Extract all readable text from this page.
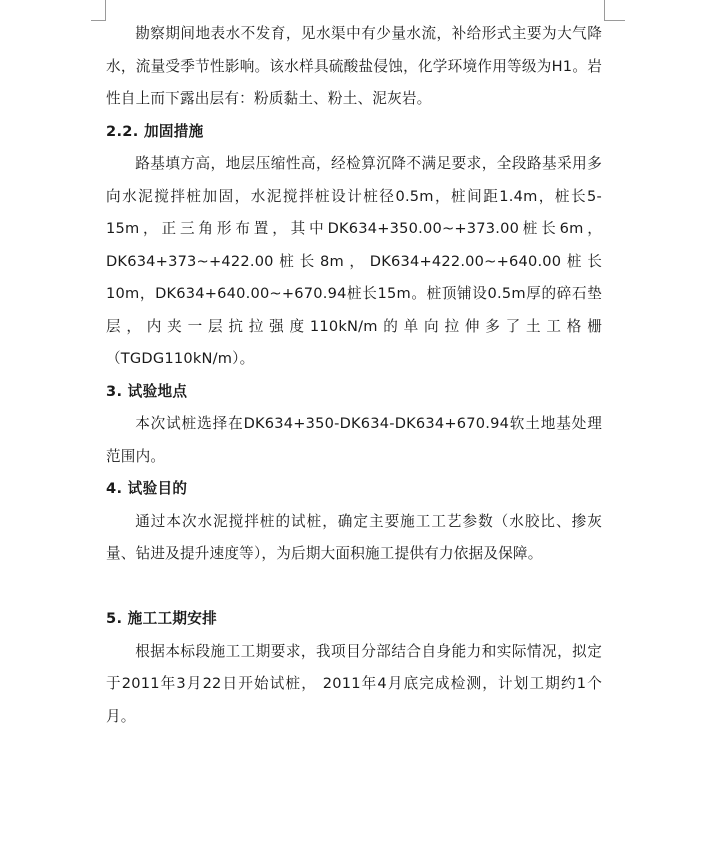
勘察期间地表水不发育，见水渠中有少量水流，补给形式主要为大气降水，流量受季节性影响。该水样具硫酸盐侵蚀，化学环境作用等级为H1。岩性自上而下露出层有：粉质黏土、粉土、泥灰岩。

2.2. 加固措施

路基填方高，地层压缩性高，经检算沉降不满足要求，全段路基采用多向水泥搅拌桩加固，水泥搅拌桩设计桩径0.5m，桩间距1.4m，桩长5-15m，正三角形布置，其中DK634+350.00~+373.00桩长6m，DK634+373~+422.00桩长8m，DK634+422.00~+640.00桩长10m，DK634+640.00~+670.94桩长15m。桩顶铺设0.5m厚的碎石垫层，内夹一层抗拉强度110kN/m的单向拉伸多了土工格栅（TGDG110kN/m）。

3. 试验地点

本次试桩选择在DK634+350-DK634-DK634+670.94软土地基处理范围内。

4. 试验目的

通过本次水泥搅拌桩的试桩，确定主要施工工艺参数（水胶比、掺灰量、钻进及提升速度等），为后期大面积施工提供有力依据及保障。

5. 施工工期安排

根据本标段施工工期要求，我项目分部结合自身能力和实际情况，拟定于2011年3月22日开始试桩， 2011年4月底完成检测，计划工期约1个月。
